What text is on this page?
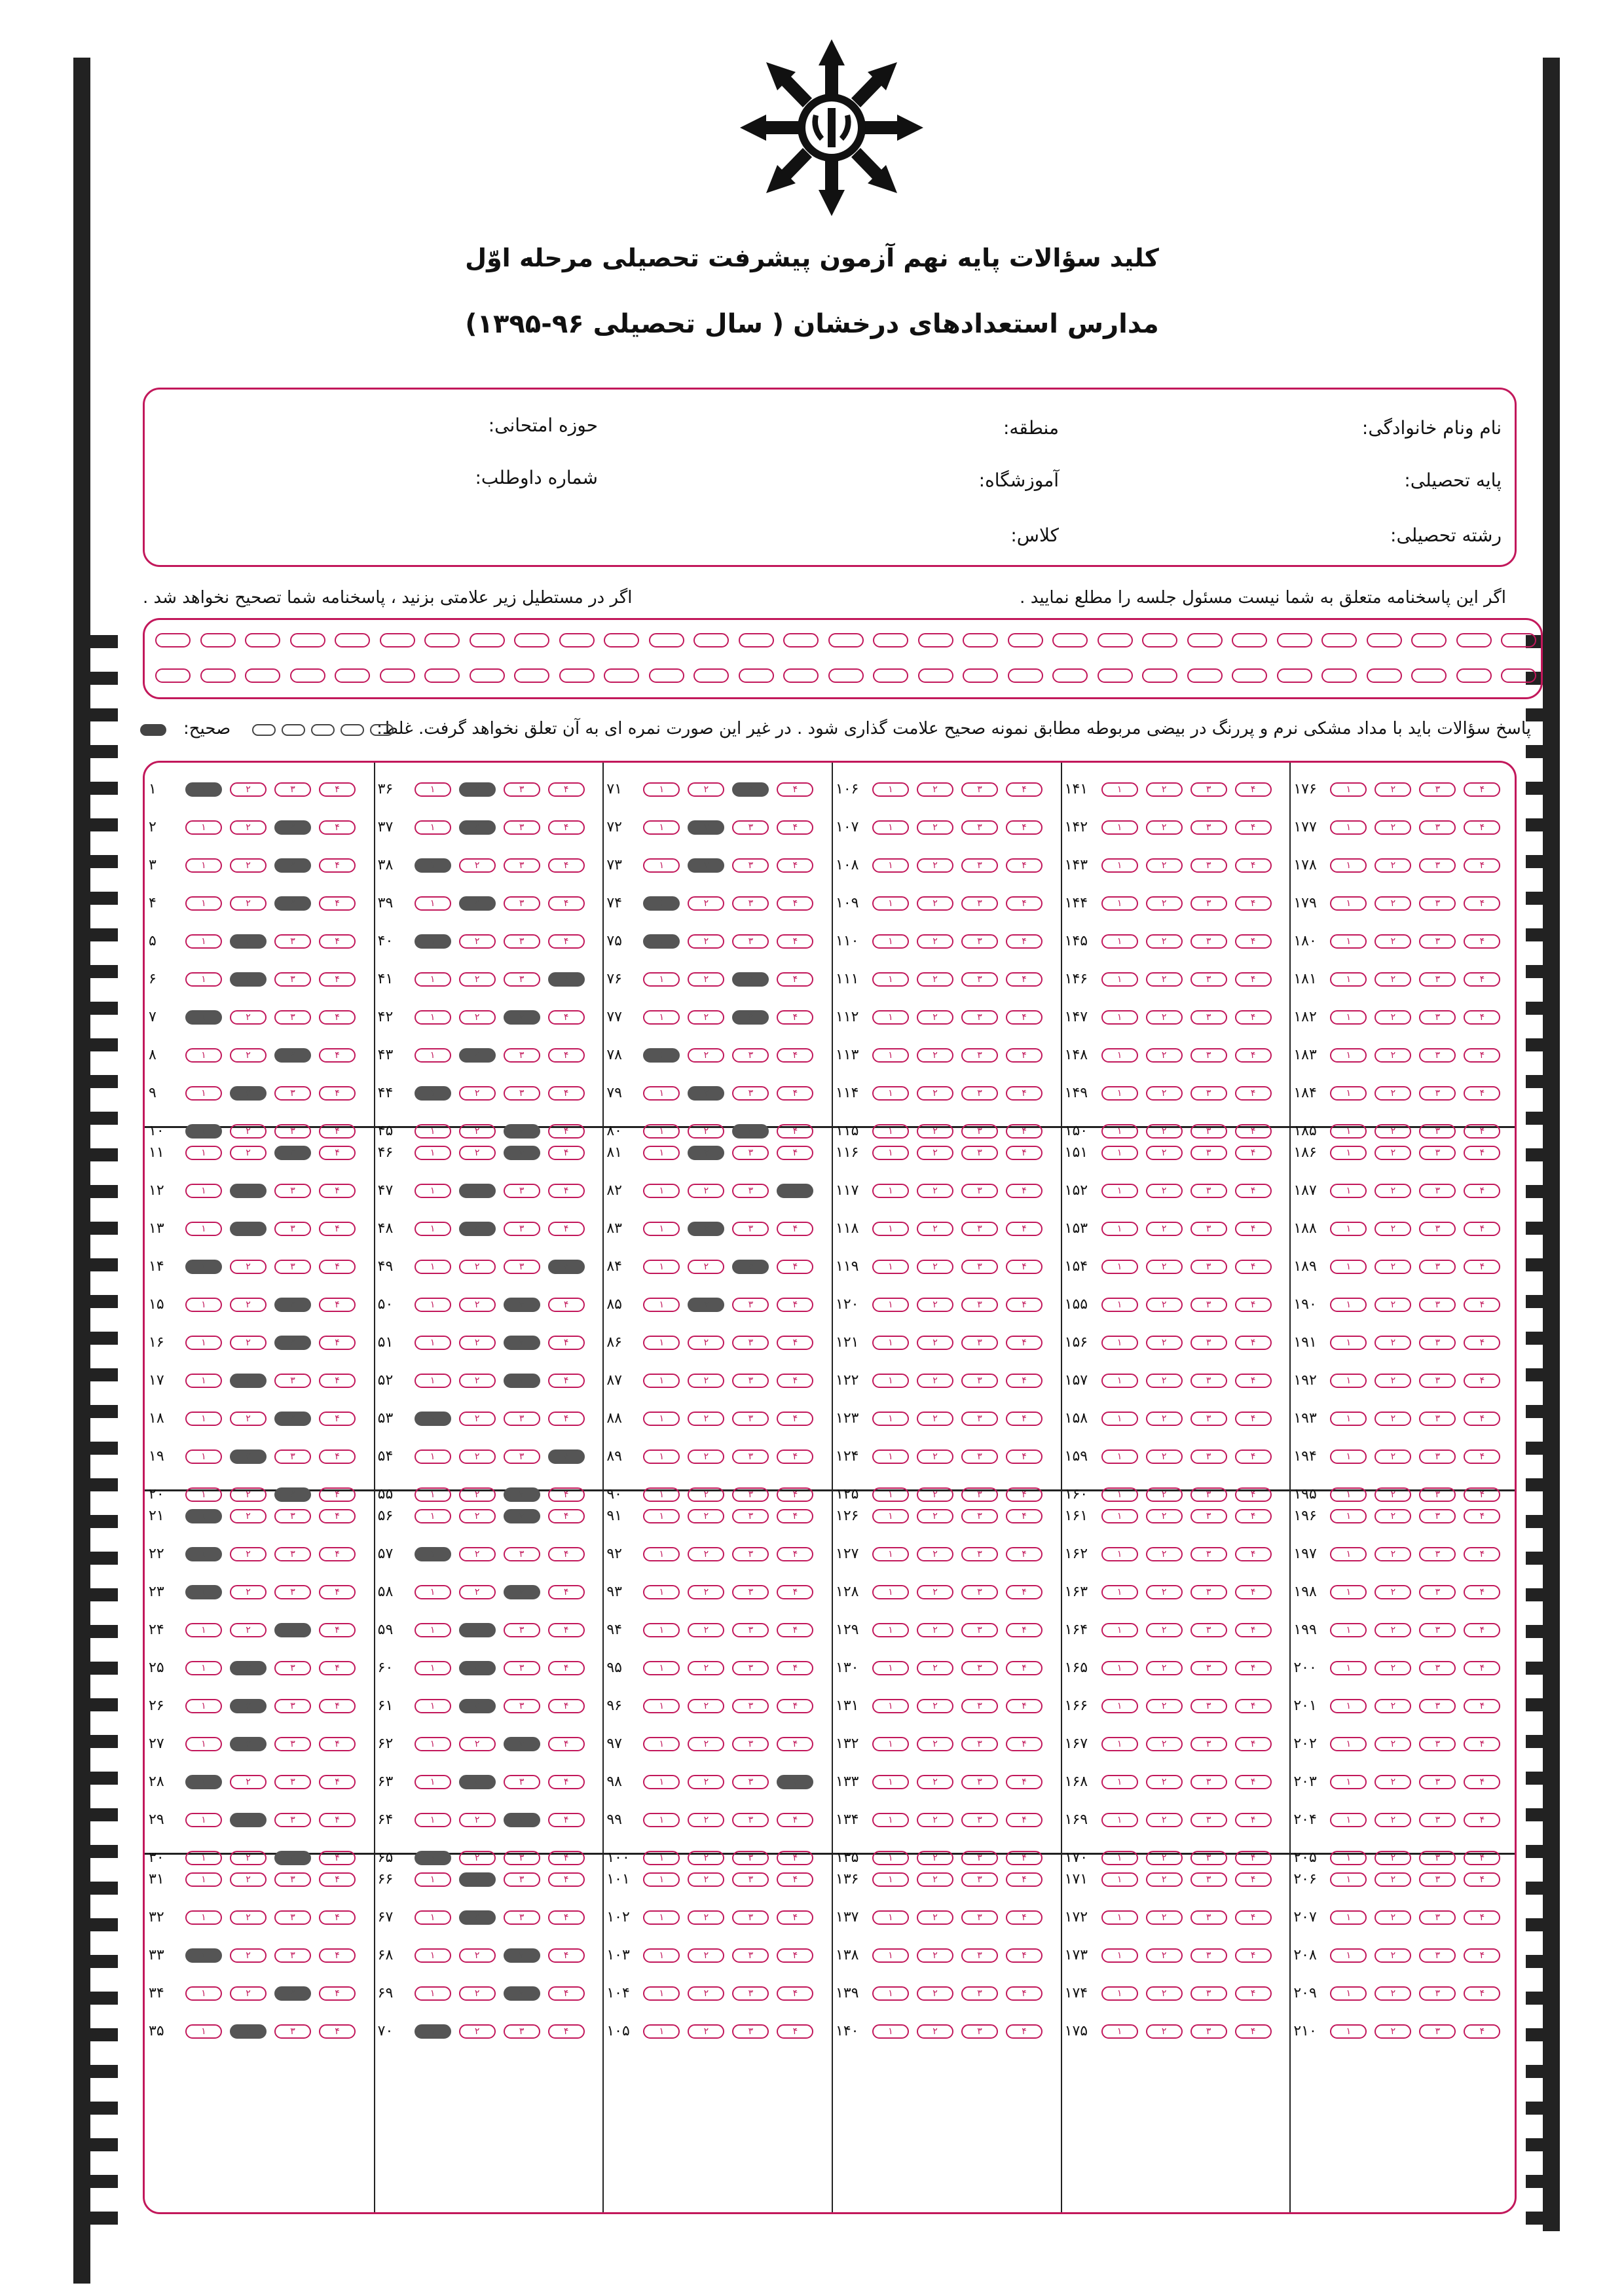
کلید سؤالات پایه نهم آزمون پیشرفت تحصیلی مرحله اوّل
مدارس استعدادهای درخشان ( سال تحصیلی ۹۶-۱۳۹۵)
نام ونام خانوادگی:
منطقه:
حوزه امتحانی:
پایه تحصیلی:
آموزشگاه:
شماره داوطلب:
رشته تحصیلی:
کلاس:
اگر این پاسخنامه متعلق به شما نیست مسئول جلسه را مطلع نمایید .
اگر در مستطیل زیر علامتی بزنید ، پاسخنامه شما تصحیح نخواهد شد .
پاسخ سؤالات باید با مداد مشکی نرم و پررنگ در بیضی مربوطه مطابق نمونه صحیح علامت گذاری شود . در غیر این صورت نمره ای به آن تعلق نخواهد گرفت. غلط:
صحیح:
۱	۱	۲	۳	۴
۲	۱	۲	۳	۴
۳	۱	۲	۳	۴
۴	۱	۲	۳	۴
۵	۱	۲	۳	۴
۶	۱	۲	۳	۴
۷	۱	۲	۳	۴
۸	۱	۲	۳	۴
۹	۱	۲	۳	۴
۱۰	۱	۲	۳	۴
۱۱	۱	۲	۳	۴
۱۲	۱	۲	۳	۴
۱۳	۱	۲	۳	۴
۱۴	۱	۲	۳	۴
۱۵	۱	۲	۳	۴
۱۶	۱	۲	۳	۴
۱۷	۱	۲	۳	۴
۱۸	۱	۲	۳	۴
۱۹	۱	۲	۳	۴
۲۰	۱	۲	۳	۴
۲۱	۱	۲	۳	۴
۲۲	۱	۲	۳	۴
۲۳	۱	۲	۳	۴
۲۴	۱	۲	۳	۴
۲۵	۱	۲	۳	۴
۲۶	۱	۲	۳	۴
۲۷	۱	۲	۳	۴
۲۸	۱	۲	۳	۴
۲۹	۱	۲	۳	۴
۳۰	۱	۲	۳	۴
۳۱	۱	۲	۳	۴
۳۲	۱	۲	۳	۴
۳۳	۱	۲	۳	۴
۳۴	۱	۲	۳	۴
۳۵	۱	۲	۳	۴
۳۶	۱	۲	۳	۴
۳۷	۱	۲	۳	۴
۳۸	۱	۲	۳	۴
۳۹	۱	۲	۳	۴
۴۰	۱	۲	۳	۴
۴۱	۱	۲	۳	۴
۴۲	۱	۲	۳	۴
۴۳	۱	۲	۳	۴
۴۴	۱	۲	۳	۴
۴۵	۱	۲	۳	۴
۴۶	۱	۲	۳	۴
۴۷	۱	۲	۳	۴
۴۸	۱	۲	۳	۴
۴۹	۱	۲	۳	۴
۵۰	۱	۲	۳	۴
۵۱	۱	۲	۳	۴
۵۲	۱	۲	۳	۴
۵۳	۱	۲	۳	۴
۵۴	۱	۲	۳	۴
۵۵	۱	۲	۳	۴
۵۶	۱	۲	۳	۴
۵۷	۱	۲	۳	۴
۵۸	۱	۲	۳	۴
۵۹	۱	۲	۳	۴
۶۰	۱	۲	۳	۴
۶۱	۱	۲	۳	۴
۶۲	۱	۲	۳	۴
۶۳	۱	۲	۳	۴
۶۴	۱	۲	۳	۴
۶۵	۱	۲	۳	۴
۶۶	۱	۲	۳	۴
۶۷	۱	۲	۳	۴
۶۸	۱	۲	۳	۴
۶۹	۱	۲	۳	۴
۷۰	۱	۲	۳	۴
۷۱	۱	۲	۳	۴
۷۲	۱	۲	۳	۴
۷۳	۱	۲	۳	۴
۷۴	۱	۲	۳	۴
۷۵	۱	۲	۳	۴
۷۶	۱	۲	۳	۴
۷۷	۱	۲	۳	۴
۷۸	۱	۲	۳	۴
۷۹	۱	۲	۳	۴
۸۰	۱	۲	۳	۴
۸۱	۱	۲	۳	۴
۸۲	۱	۲	۳	۴
۸۳	۱	۲	۳	۴
۸۴	۱	۲	۳	۴
۸۵	۱	۲	۳	۴
۸۶	۱	۲	۳	۴
۸۷	۱	۲	۳	۴
۸۸	۱	۲	۳	۴
۸۹	۱	۲	۳	۴
۹۰	۱	۲	۳	۴
۹۱	۱	۲	۳	۴
۹۲	۱	۲	۳	۴
۹۳	۱	۲	۳	۴
۹۴	۱	۲	۳	۴
۹۵	۱	۲	۳	۴
۹۶	۱	۲	۳	۴
۹۷	۱	۲	۳	۴
۹۸	۱	۲	۳	۴
۹۹	۱	۲	۳	۴
۱۰۰	۱	۲	۳	۴
۱۰۱	۱	۲	۳	۴
۱۰۲	۱	۲	۳	۴
۱۰۳	۱	۲	۳	۴
۱۰۴	۱	۲	۳	۴
۱۰۵	۱	۲	۳	۴
۱۰۶	۱	۲	۳	۴
۱۰۷	۱	۲	۳	۴
۱۰۸	۱	۲	۳	۴
۱۰۹	۱	۲	۳	۴
۱۱۰	۱	۲	۳	۴
۱۱۱	۱	۲	۳	۴
۱۱۲	۱	۲	۳	۴
۱۱۳	۱	۲	۳	۴
۱۱۴	۱	۲	۳	۴
۱۱۵	۱	۲	۳	۴
۱۱۶	۱	۲	۳	۴
۱۱۷	۱	۲	۳	۴
۱۱۸	۱	۲	۳	۴
۱۱۹	۱	۲	۳	۴
۱۲۰	۱	۲	۳	۴
۱۲۱	۱	۲	۳	۴
۱۲۲	۱	۲	۳	۴
۱۲۳	۱	۲	۳	۴
۱۲۴	۱	۲	۳	۴
۱۲۵	۱	۲	۳	۴
۱۲۶	۱	۲	۳	۴
۱۲۷	۱	۲	۳	۴
۱۲۸	۱	۲	۳	۴
۱۲۹	۱	۲	۳	۴
۱۳۰	۱	۲	۳	۴
۱۳۱	۱	۲	۳	۴
۱۳۲	۱	۲	۳	۴
۱۳۳	۱	۲	۳	۴
۱۳۴	۱	۲	۳	۴
۱۳۵	۱	۲	۳	۴
۱۳۶	۱	۲	۳	۴
۱۳۷	۱	۲	۳	۴
۱۳۸	۱	۲	۳	۴
۱۳۹	۱	۲	۳	۴
۱۴۰	۱	۲	۳	۴
۱۴۱	۱	۲	۳	۴
۱۴۲	۱	۲	۳	۴
۱۴۳	۱	۲	۳	۴
۱۴۴	۱	۲	۳	۴
۱۴۵	۱	۲	۳	۴
۱۴۶	۱	۲	۳	۴
۱۴۷	۱	۲	۳	۴
۱۴۸	۱	۲	۳	۴
۱۴۹	۱	۲	۳	۴
۱۵۰	۱	۲	۳	۴
۱۵۱	۱	۲	۳	۴
۱۵۲	۱	۲	۳	۴
۱۵۳	۱	۲	۳	۴
۱۵۴	۱	۲	۳	۴
۱۵۵	۱	۲	۳	۴
۱۵۶	۱	۲	۳	۴
۱۵۷	۱	۲	۳	۴
۱۵۸	۱	۲	۳	۴
۱۵۹	۱	۲	۳	۴
۱۶۰	۱	۲	۳	۴
۱۶۱	۱	۲	۳	۴
۱۶۲	۱	۲	۳	۴
۱۶۳	۱	۲	۳	۴
۱۶۴	۱	۲	۳	۴
۱۶۵	۱	۲	۳	۴
۱۶۶	۱	۲	۳	۴
۱۶۷	۱	۲	۳	۴
۱۶۸	۱	۲	۳	۴
۱۶۹	۱	۲	۳	۴
۱۷۰	۱	۲	۳	۴
۱۷۱	۱	۲	۳	۴
۱۷۲	۱	۲	۳	۴
۱۷۳	۱	۲	۳	۴
۱۷۴	۱	۲	۳	۴
۱۷۵	۱	۲	۳	۴
۱۷۶	۱	۲	۳	۴
۱۷۷	۱	۲	۳	۴
۱۷۸	۱	۲	۳	۴
۱۷۹	۱	۲	۳	۴
۱۸۰	۱	۲	۳	۴
۱۸۱	۱	۲	۳	۴
۱۸۲	۱	۲	۳	۴
۱۸۳	۱	۲	۳	۴
۱۸۴	۱	۲	۳	۴
۱۸۵	۱	۲	۳	۴
۱۸۶	۱	۲	۳	۴
۱۸۷	۱	۲	۳	۴
۱۸۸	۱	۲	۳	۴
۱۸۹	۱	۲	۳	۴
۱۹۰	۱	۲	۳	۴
۱۹۱	۱	۲	۳	۴
۱۹۲	۱	۲	۳	۴
۱۹۳	۱	۲	۳	۴
۱۹۴	۱	۲	۳	۴
۱۹۵	۱	۲	۳	۴
۱۹۶	۱	۲	۳	۴
۱۹۷	۱	۲	۳	۴
۱۹۸	۱	۲	۳	۴
۱۹۹	۱	۲	۳	۴
۲۰۰	۱	۲	۳	۴
۲۰۱	۱	۲	۳	۴
۲۰۲	۱	۲	۳	۴
۲۰۳	۱	۲	۳	۴
۲۰۴	۱	۲	۳	۴
۲۰۵	۱	۲	۳	۴
۲۰۶	۱	۲	۳	۴
۲۰۷	۱	۲	۳	۴
۲۰۸	۱	۲	۳	۴
۲۰۹	۱	۲	۳	۴
۲۱۰	۱	۲	۳	۴
